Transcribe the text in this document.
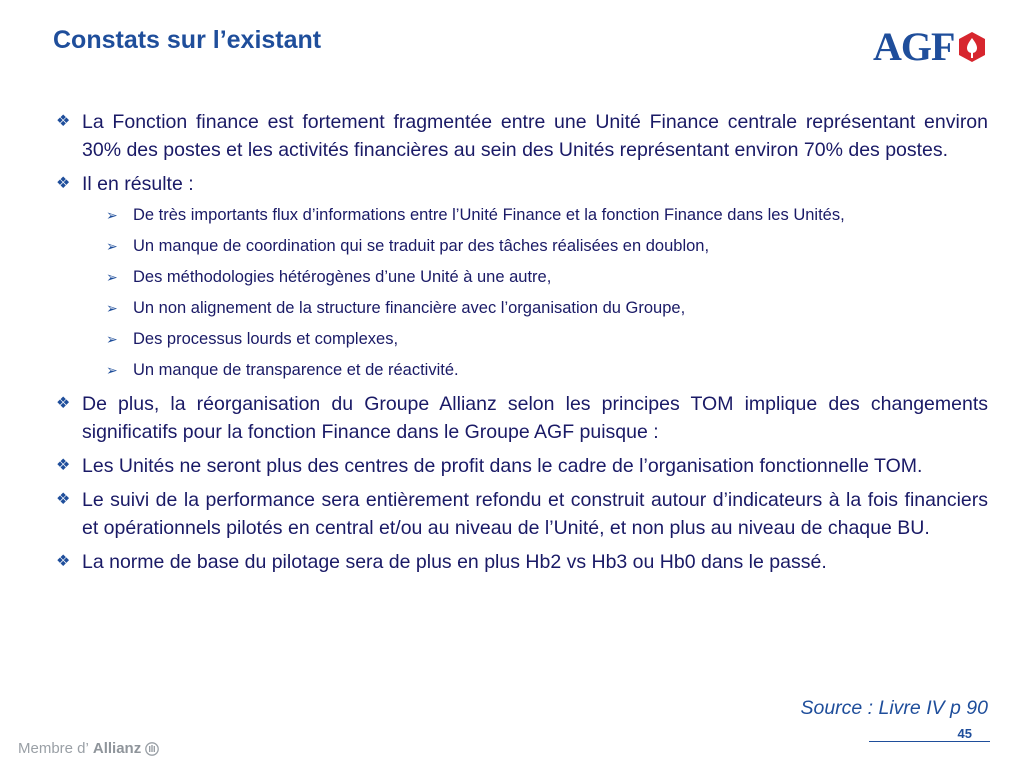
Constats sur l’existant	AGF
❖ La Fonction finance est fortement fragmentée entre une Unité Finance centrale représentant environ 30% des postes et les activités financières au sein des Unités représentant environ 70% des postes.
❖ Il en résulte :
➢ De très importants flux d’informations entre l’Unité Finance et la fonction Finance dans les Unités,
➢ Un manque de coordination qui se traduit par des tâches réalisées en doublon,
➢ Des méthodologies hétérogènes d’une Unité à une autre,
➢ Un non alignement de la structure financière avec l’organisation du Groupe,
➢ Des processus lourds et complexes,
➢ Un manque de transparence et de réactivité.
❖ De plus, la réorganisation du Groupe Allianz selon les principes TOM implique des changements significatifs pour la fonction Finance dans le Groupe AGF puisque :
❖ Les Unités ne seront plus des centres de profit dans le cadre de l’organisation fonctionnelle TOM.
❖ Le suivi de la performance sera entièrement refondu et construit autour d’indicateurs à la fois financiers et opérationnels pilotés en central et/ou au niveau de l’Unité, et non plus au niveau de chaque BU.
❖ La norme de base du pilotage sera de plus en plus Hb2 vs Hb3 ou Hb0 dans le passé.
Source : Livre IV p 90
45
Membre d’ Allianz
